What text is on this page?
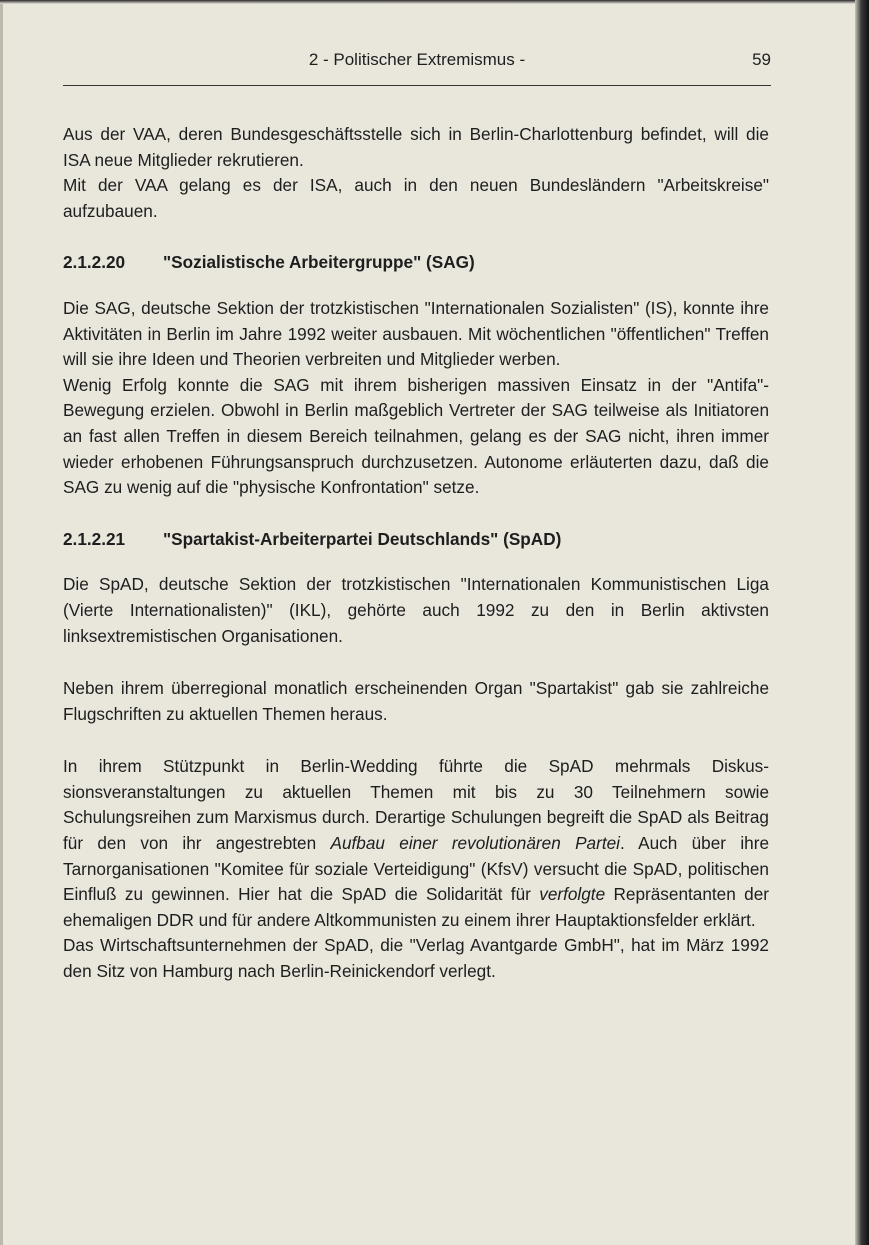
2 - Politischer Extremismus -	59

Aus der VAA, deren Bundesgeschäftsstelle sich in Berlin-Charlottenburg befindet, will die ISA neue Mitglieder rekrutieren.

Mit der VAA gelang es der ISA, auch in den neuen Bundesländern "Arbeitskreise" aufzubauen.

2.1.2.20	"Sozialistische Arbeitergruppe" (SAG)

Die SAG, deutsche Sektion der trotzkistischen "Internationalen Sozialisten" (IS), konnte ihre Aktivitäten in Berlin im Jahre 1992 weiter ausbauen. Mit wöchentlichen "öffentlichen" Treffen will sie ihre Ideen und Theorien verbreiten und Mitglieder werben.

Wenig Erfolg konnte die SAG mit ihrem bisherigen massiven Einsatz in der "Antifa"-Bewegung erzielen. Obwohl in Berlin maßgeblich Vertreter der SAG teilweise als Initiatoren an fast allen Treffen in diesem Bereich teilnahmen, gelang es der SAG nicht, ihren immer wieder erhobenen Führungsanspruch durchzusetzen. Autonome erläuterten dazu, daß die SAG zu wenig auf die "physische Konfrontation" setze.

2.1.2.21	"Spartakist-Arbeiterpartei Deutschlands" (SpAD)

Die SpAD, deutsche Sektion der trotzkistischen "Internationalen Kommunistischen Liga (Vierte Internationalisten)" (IKL), gehörte auch 1992 zu den in Berlin aktivsten linksextremistischen Organisationen.

Neben ihrem überregional monatlich erscheinenden Organ "Spartakist" gab sie zahlreiche Flugschriften zu aktuellen Themen heraus.

In ihrem Stützpunkt in Berlin-Wedding führte die SpAD mehrmals Diskussionsveranstaltungen zu aktuellen Themen mit bis zu 30 Teilnehmern sowie Schulungsreihen zum Marxismus durch. Derartige Schulungen begreift die SpAD als Beitrag für den von ihr angestrebten Aufbau einer revolutionären Partei. Auch über ihre Tarnorganisationen "Komitee für soziale Verteidigung" (KfsV) versucht die SpAD, politischen Einfluß zu gewinnen. Hier hat die SpAD die Solidarität für verfolgte Repräsentanten der ehemaligen DDR und für andere Altkommunisten zu einem ihrer Hauptaktionsfelder erklärt.

Das Wirtschaftsunternehmen der SpAD, die "Verlag Avantgarde GmbH", hat im März 1992 den Sitz von Hamburg nach Berlin-Reinickendorf verlegt.
